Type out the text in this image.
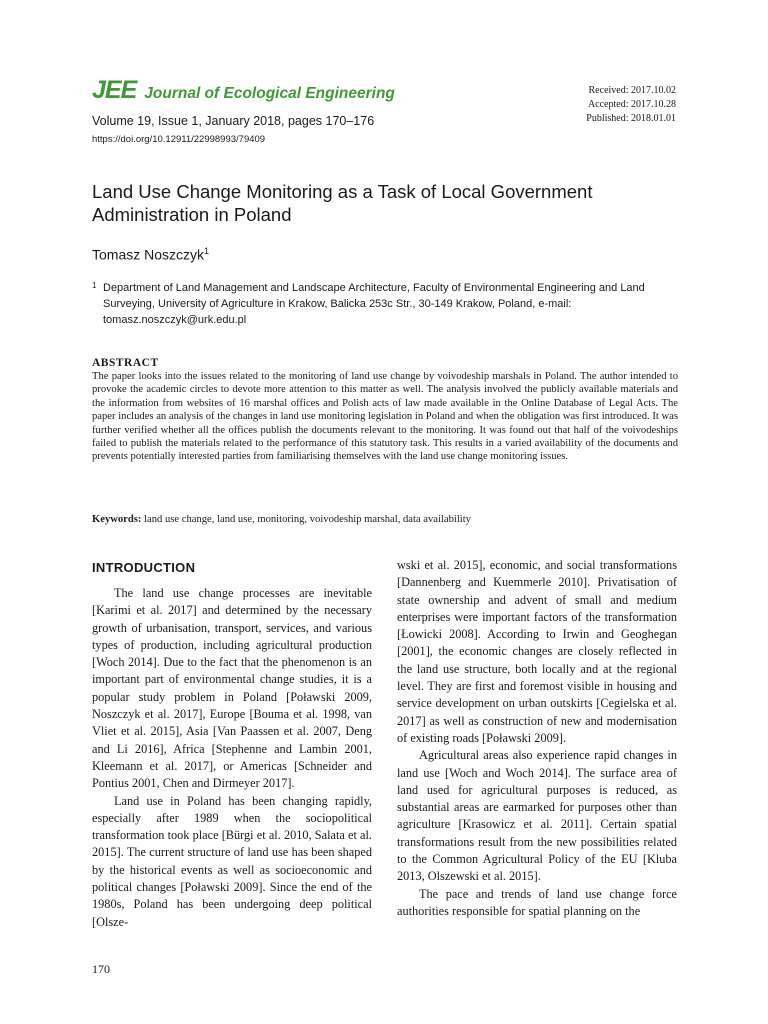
JEE Journal of Ecological Engineering
Volume 19, Issue 1, January 2018, pages 170–176
https://doi.org/10.12911/22998993/79409
Received: 2017.10.02
Accepted: 2017.10.28
Published: 2018.01.01
Land Use Change Monitoring as a Task of Local Government Administration in Poland
Tomasz Noszczyk$^1$
1 Department of Land Management and Landscape Architecture, Faculty of Environmental Engineering and Land Surveying, University of Agriculture in Krakow, Balicka 253c Str., 30-149 Krakow, Poland, e-mail: tomasz.noszczyk@urk.edu.pl
ABSTRACT
The paper looks into the issues related to the monitoring of land use change by voivodeship marshals in Poland. The author intended to provoke the academic circles to devote more attention to this matter as well. The analysis involved the publicly available materials and the information from websites of 16 marshal offices and Polish acts of law made available in the Online Database of Legal Acts. The paper includes an analysis of the changes in land use monitoring legislation in Poland and when the obligation was first introduced. It was further verified whether all the offices publish the documents relevant to the monitoring. It was found out that half of the voivodeships failed to publish the materials related to the performance of this statutory task. This results in a varied availability of the documents and prevents potentially interested parties from familiarising themselves with the land use change monitoring issues.
Keywords: land use change, land use, monitoring, voivodeship marshal, data availability
INTRODUCTION

The land use change processes are inevitable [Karimi et al. 2017] and determined by the necessary growth of urbanisation, transport, services, and various types of production, including agricultural production [Woch 2014]. Due to the fact that the phenomenon is an important part of environmental change studies, it is a popular study problem in Poland [Poławski 2009, Noszczyk et al. 2017], Europe [Bouma et al. 1998, van Vliet et al. 2015], Asia [Van Paassen et al. 2007, Deng and Li 2016], Africa [Stephenne and Lambin 2001, Kleemann et al. 2017], or Americas [Schneider and Pontius 2001, Chen and Dirmeyer 2017].

Land use in Poland has been changing rapidly, especially after 1989 when the sociopolitical transformation took place [Bürgi et al. 2010, Salata et al. 2015]. The current structure of land use has been shaped by the historical events as well as socioeconomic and political changes [Poławski 2009]. Since the end of the 1980s, Poland has been undergoing deep political [Olsze-

wski et al. 2015], economic, and social transformations [Dannenberg and Kuemmerle 2010]. Privatisation of state ownership and advent of small and medium enterprises were important factors of the transformation [Łowicki 2008]. According to Irwin and Geoghegan [2001], the economic changes are closely reflected in the land use structure, both locally and at the regional level. They are first and foremost visible in housing and service development on urban outskirts [Cegielska et al. 2017] as well as construction of new and modernisation of existing roads [Poławski 2009].

Agricultural areas also experience rapid changes in land use [Woch and Woch 2014]. The surface area of land used for agricultural purposes is reduced, as substantial areas are earmarked for purposes other than agriculture [Krasowicz et al. 2011]. Certain spatial transformations result from the new possibilities related to the Common Agricultural Policy of the EU [Kluba 2013, Olszewski et al. 2015].

The pace and trends of land use change force authorities responsible for spatial planning on the

170
